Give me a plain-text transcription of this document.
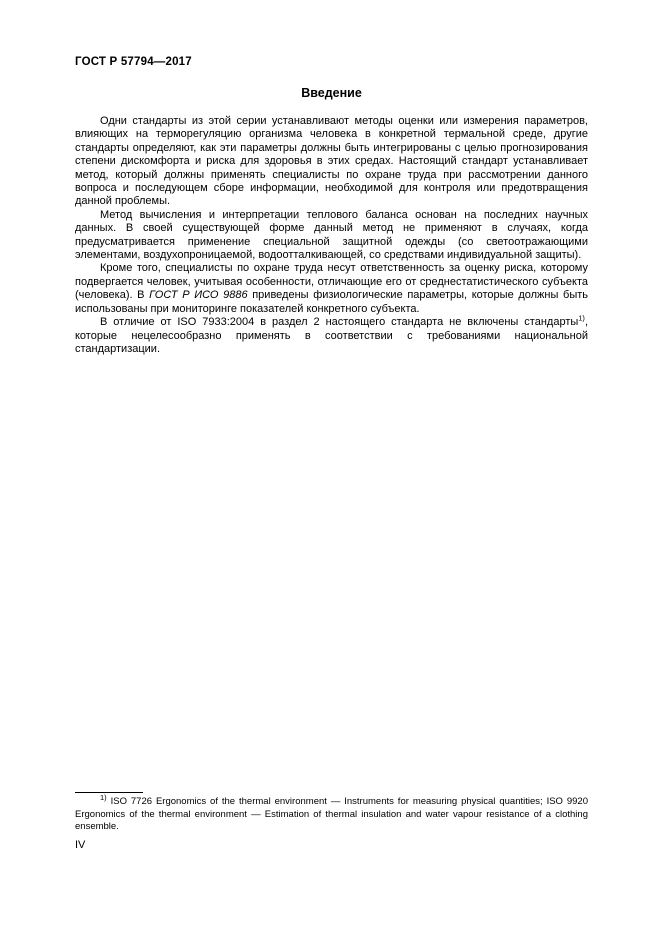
ГОСТ Р 57794—2017
Введение

Одни стандарты из этой серии устанавливают методы оценки или измерения параметров, влияющих на терморегуляцию организма человека в конкретной термальной среде, другие стандарты определяют, как эти параметры должны быть интегрированы с целью прогнозирования степени дискомфорта и риска для здоровья в этих средах. Настоящий стандарт устанавливает метод, который должны применять специалисты по охране труда при рассмотрении данного вопроса и последующем сборе информации, необходимой для контроля или предотвращения данной проблемы.

Метод вычисления и интерпретации теплового баланса основан на последних научных данных. В своей существующей форме данный метод не применяют в случаях, когда предусматривается применение специальной защитной одежды (со светоотражающими элементами, воздухопроницаемой, водоотталкивающей, со средствами индивидуальной защиты).

Кроме того, специалисты по охране труда несут ответственность за оценку риска, которому подвергается человек, учитывая особенности, отличающие его от среднестатистического субъекта (человека). В ГОСТ Р ИСО 9886 приведены физиологические параметры, которые должны быть использованы при мониторинге показателей конкретного субъекта.

В отличие от ISO 7933:2004 в раздел 2 настоящего стандарта не включены стандарты$^{1)}$, которые нецелесообразно применять в соответствии с требованиями национальной стандартизации.

$^{1)}$ ISO 7726 Ergonomics of the thermal environment — Instruments for measuring physical quantities; ISO 9920 Ergonomics of the thermal environment — Estimation of thermal insulation and water vapour resistance of a clothing ensemble.

IV
